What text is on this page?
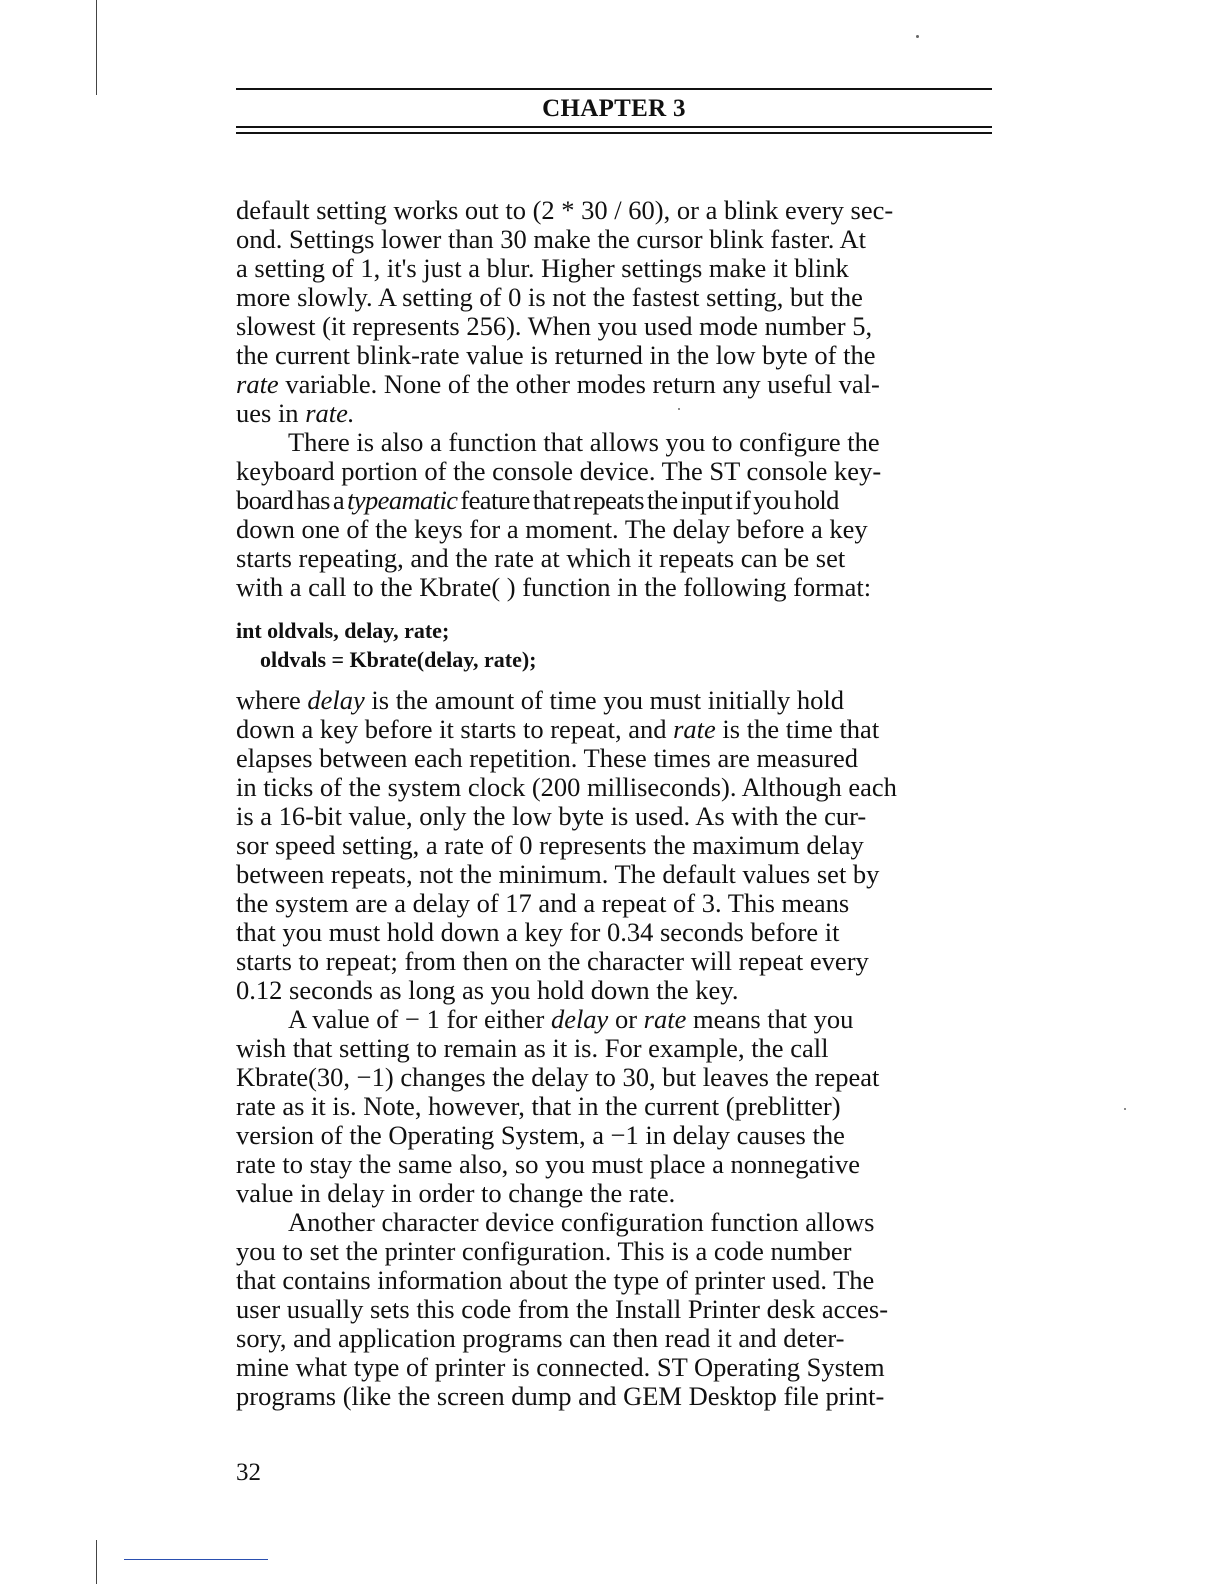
CHAPTER 3

default setting works out to (2 * 30 / 60), or a blink every sec-
ond. Settings lower than 30 make the cursor blink faster. At
a setting of 1, it's just a blur. Higher settings make it blink
more slowly. A setting of 0 is not the fastest setting, but the
slowest (it represents 256). When you used mode number 5,
the current blink-rate value is returned in the low byte of the
rate variable. None of the other modes return any useful val-
ues in rate.

There is also a function that allows you to configure the
keyboard portion of the console device. The ST console key-
board has a typeamatic feature that repeats the input if you hold
down one of the keys for a moment. The delay before a key
starts repeating, and the rate at which it repeats can be set
with a call to the Kbrate( ) function in the following format:

int oldvals, delay, rate;
oldvals = Kbrate(delay, rate);

where delay is the amount of time you must initially hold
down a key before it starts to repeat, and rate is the time that
elapses between each repetition. These times are measured
in ticks of the system clock (200 milliseconds). Although each
is a 16-bit value, only the low byte is used. As with the cur-
sor speed setting, a rate of 0 represents the maximum delay
between repeats, not the minimum. The default values set by
the system are a delay of 17 and a repeat of 3. This means
that you must hold down a key for 0.34 seconds before it
starts to repeat; from then on the character will repeat every
0.12 seconds as long as you hold down the key.

A value of − 1 for either delay or rate means that you
wish that setting to remain as it is. For example, the call
Kbrate(30, −1) changes the delay to 30, but leaves the repeat
rate as it is. Note, however, that in the current (preblitter)
version of the Operating System, a −1 in delay causes the
rate to stay the same also, so you must place a nonnegative
value in delay in order to change the rate.

Another character device configuration function allows
you to set the printer configuration. This is a code number
that contains information about the type of printer used. The
user usually sets this code from the Install Printer desk acces-
sory, and application programs can then read it and deter-
mine what type of printer is connected. ST Operating System
programs (like the screen dump and GEM Desktop file print-

32
